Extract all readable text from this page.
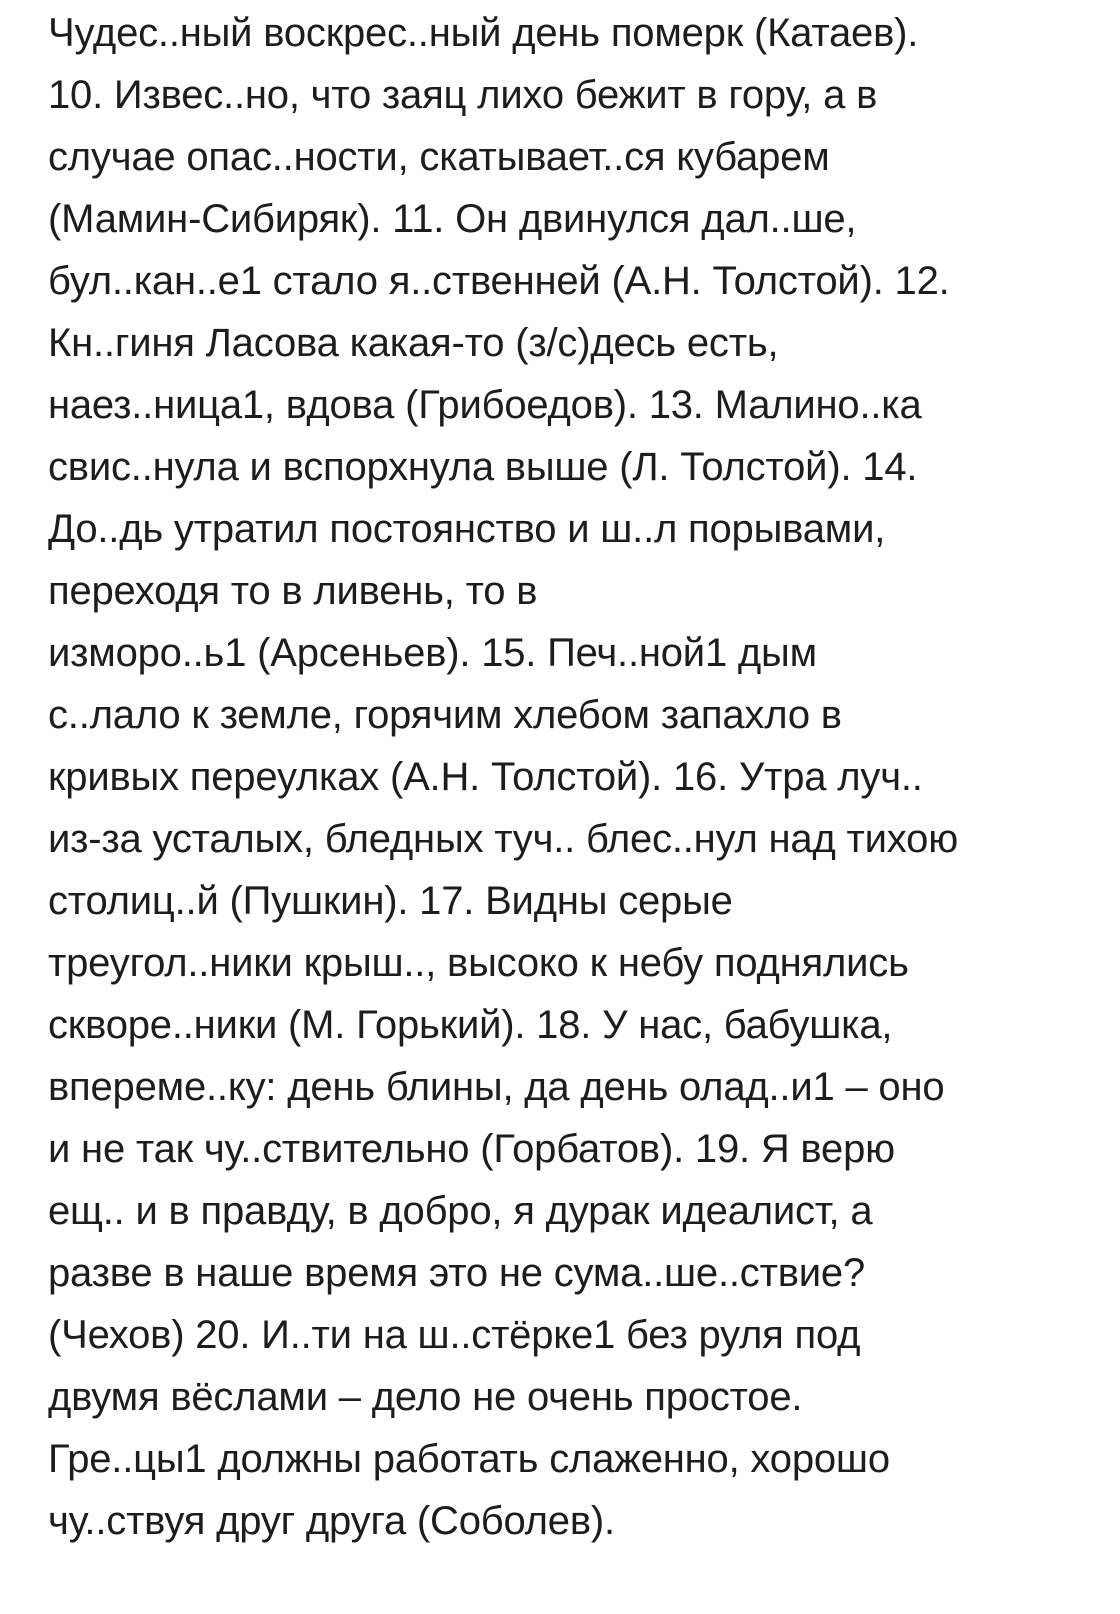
Чудес..ный воскрес..ный день померк (Катаев).
10. Извес..но, что заяц лихо бежит в гору, а в
случае опас..ности, скатывает..ся кубарем
(Мамин-Сибиряк). 11. Он двинулся дал..ше,
бул..кан..е1 стало я..ственней (А.Н. Толстой). 12.
Кн..гиня Ласова какая-то (з/с)десь есть,
наез..ница1, вдова (Грибоедов). 13. Малино..ка
свис..нула и вспорхнула выше (Л. Толстой). 14.
До..дь утратил постоянство и ш..л порывами,
переходя то в ливень, то в
изморо..ь1 (Арсеньев). 15. Печ..ной1 дым
с..лало к земле, горячим хлебом запахло в
кривых переулках (А.Н. Толстой). 16. Утра луч..
из-за усталых, бледных туч.. блес..нул над тихою
столиц..й (Пушкин). 17. Видны серые
треугол..ники крыш.., высоко к небу поднялись
скворе..ники (М. Горький). 18. У нас, бабушка,
впереме..ку: день блины, да день олад..и1 – оно
и не так чу..ствительно (Горбатов). 19. Я верю
ещ.. и в правду, в добро, я дурак идеалист, а
разве в наше время это не сума..ше..ствие?
(Чехов) 20. И..ти на ш..стёрке1 без руля под
двумя вёслами – дело не очень простое.
Гре..цы1 должны работать слаженно, хорошо
чу..ствуя друг друга (Соболев).
